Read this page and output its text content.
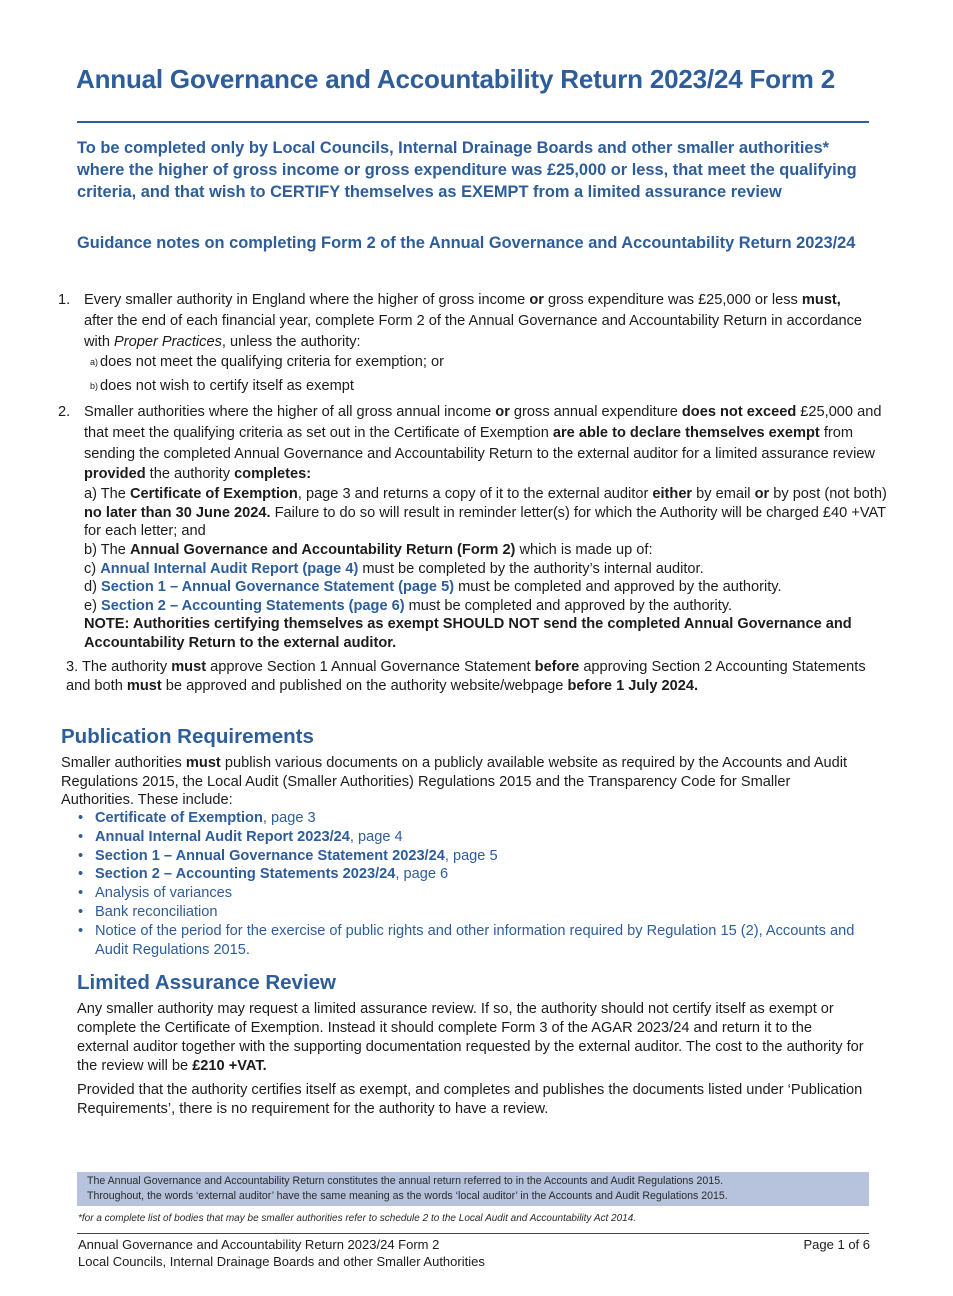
Annual Governance and Accountability Return 2023/24 Form 2

To be completed only by Local Councils, Internal Drainage Boards and other smaller authorities* where the higher of gross income or gross expenditure was £25,000 or less, that meet the qualifying criteria, and that wish to CERTIFY themselves as EXEMPT from a limited assurance review

Guidance notes on completing Form 2 of the Annual Governance and Accountability Return 2023/24

1. Every smaller authority in England where the higher of gross income or gross expenditure was £25,000 or less must, after the end of each financial year, complete Form 2 of the Annual Governance and Accountability Return in accordance with Proper Practices, unless the authority:
a) does not meet the qualifying criteria for exemption; or
b) does not wish to certify itself as exempt
2. Smaller authorities where the higher of all gross annual income or gross annual expenditure does not exceed £25,000 and that meet the qualifying criteria as set out in the Certificate of Exemption are able to declare themselves exempt from sending the completed Annual Governance and Accountability Return to the external auditor for a limited assurance review provided the authority completes:
a) The Certificate of Exemption, page 3 and returns a copy of it to the external auditor either by email or by post (not both) no later than 30 June 2024. Failure to do so will result in reminder letter(s) for which the Authority will be charged £40 +VAT for each letter; and
b) The Annual Governance and Accountability Return (Form 2) which is made up of:
c) Annual Internal Audit Report (page 4) must be completed by the authority’s internal auditor.
d) Section 1 – Annual Governance Statement (page 5) must be completed and approved by the authority.
e) Section 2 – Accounting Statements (page 6) must be completed and approved by the authority.
NOTE: Authorities certifying themselves as exempt SHOULD NOT send the completed Annual Governance and Accountability Return to the external auditor.
3. The authority must approve Section 1 Annual Governance Statement before approving Section 2 Accounting Statements and both must be approved and published on the authority website/webpage before 1 July 2024.
Publication Requirements
Smaller authorities must publish various documents on a publicly available website as required by the Accounts and Audit Regulations 2015, the Local Audit (Smaller Authorities) Regulations 2015 and the Transparency Code for Smaller Authorities. These include:
• Certificate of Exemption, page 3
• Annual Internal Audit Report 2023/24, page 4
• Section 1 – Annual Governance Statement 2023/24, page 5
• Section 2 – Accounting Statements 2023/24, page 6
• Analysis of variances
• Bank reconciliation
• Notice of the period for the exercise of public rights and other information required by Regulation 15 (2), Accounts and Audit Regulations 2015.
Limited Assurance Review

Any smaller authority may request a limited assurance review. If so, the authority should not certify itself as exempt or complete the Certificate of Exemption. Instead it should complete Form 3 of the AGAR 2023/24 and return it to the external auditor together with the supporting documentation requested by the external auditor. The cost to the authority for the review will be £210 +VAT.

Provided that the authority certifies itself as exempt, and completes and publishes the documents listed under ‘Publication Requirements’, there is no requirement for the authority to have a review.

The Annual Governance and Accountability Return constitutes the annual return referred to in the Accounts and Audit Regulations 2015.
Throughout, the words ‘external auditor’ have the same meaning as the words ‘local auditor’ in the Accounts and Audit Regulations 2015.
*for a complete list of bodies that may be smaller authorities refer to schedule 2 to the Local Audit and Accountability Act 2014.
Annual Governance and Accountability Return 2023/24 Form 2
Local Councils, Internal Drainage Boards and other Smaller Authorities
Page 1 of 6
